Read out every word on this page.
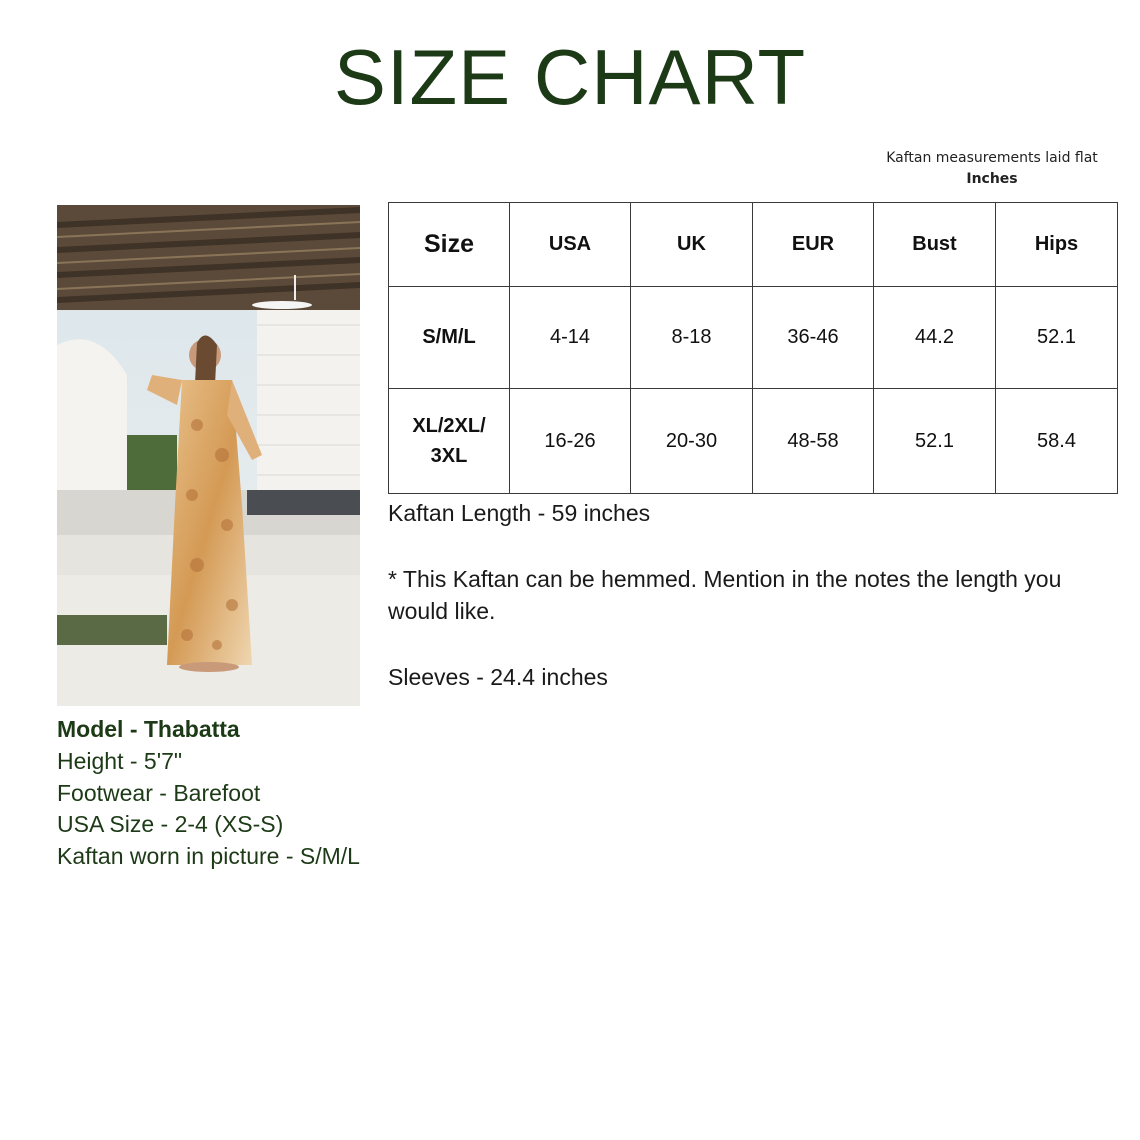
SIZE CHART
Kaftan measurements laid flat
Inches
Size	USA	UK	EUR	Bust	Hips
S/M/L	4-14	8-18	36-46	44.2	52.1
XL/2XL/
3XL	16-26	20-30	48-58	52.1	58.4
Kaftan Length - 59 inches
* This Kaftan can be hemmed. Mention in the notes the length you would like.
Sleeves - 24.4 inches
Model - Thabatta
Height - 5'7"
Footwear - Barefoot
USA Size - 2-4 (XS-S)
Kaftan worn in picture - S/M/L
